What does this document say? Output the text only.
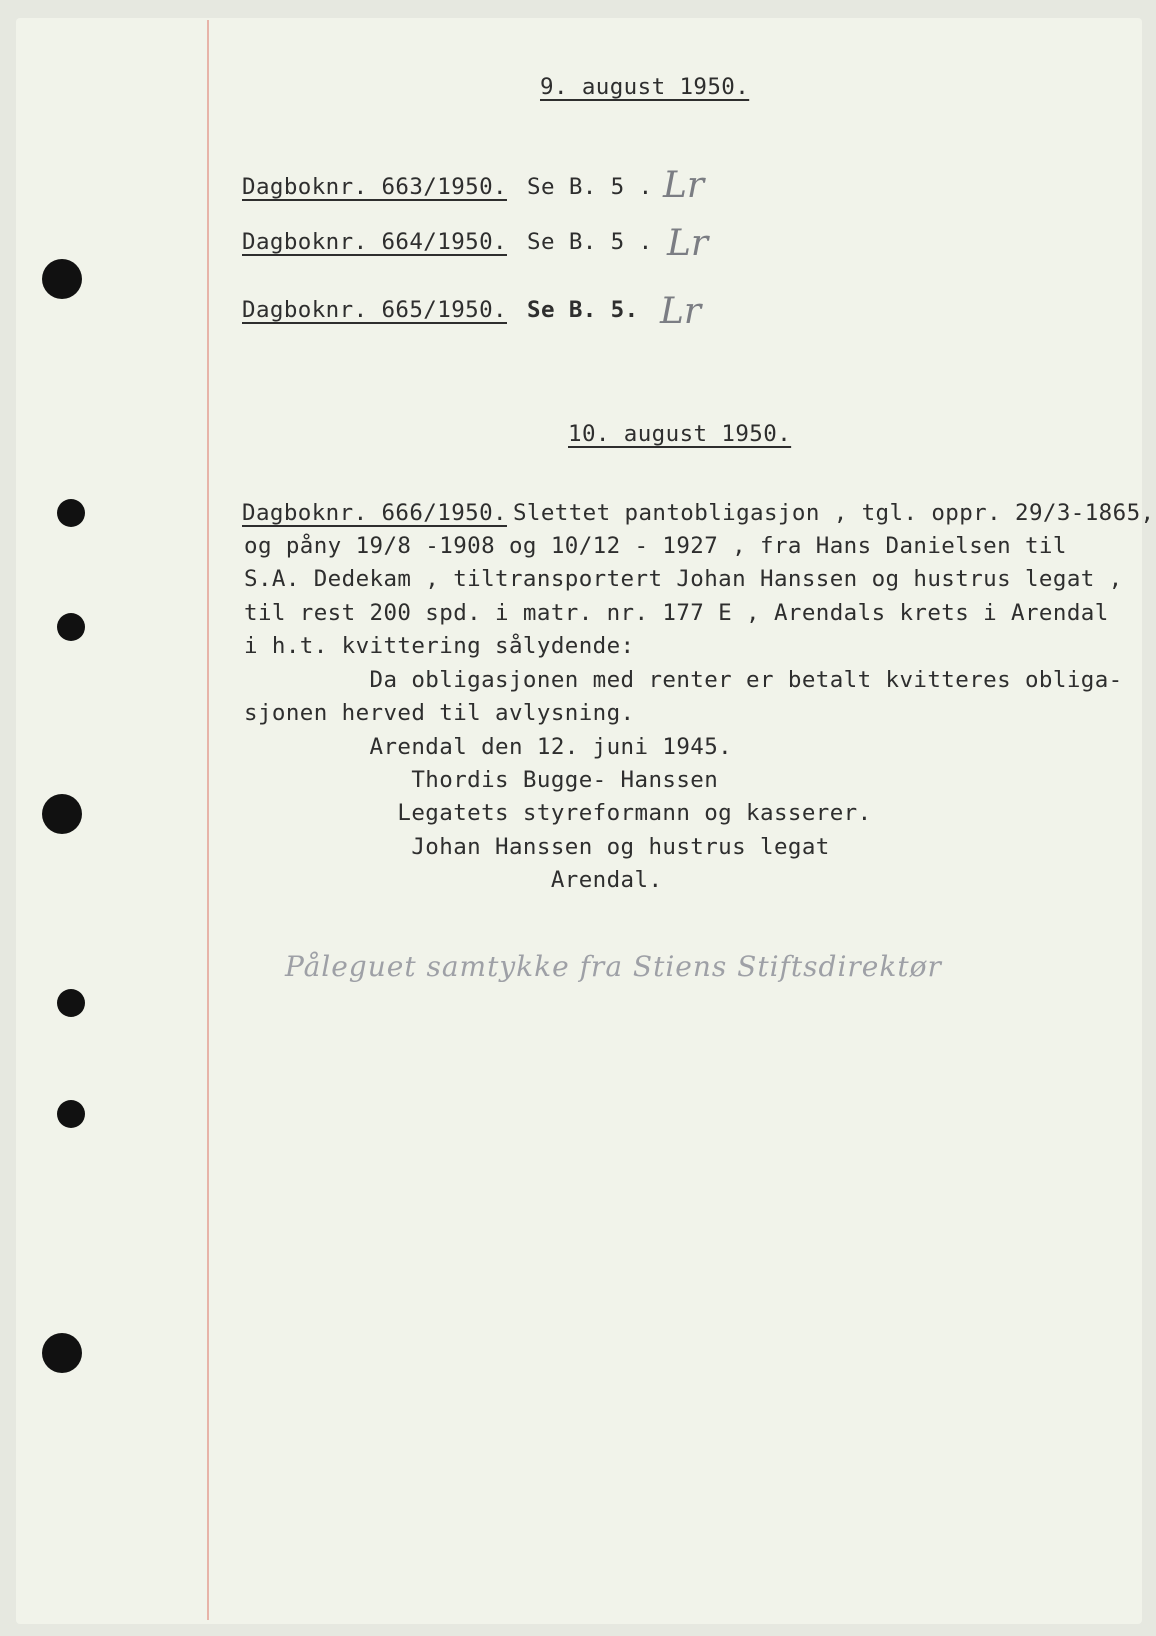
9. august 1950.
Dagboknr. 663/1950. Se B. 5 . Lr
Dagboknr. 664/1950. Se B. 5 . Lr
Dagboknr. 665/1950. Se B. 5. Lr
10. august 1950.
Dagboknr. 666/1950.
Slettet pantobligasjon , tgl. oppr. 29/3-1865,
og påny 19/8 -1908 og 10/12 - 1927 , fra Hans Danielsen til
S.A. Dedekam , tiltransportert Johan Hanssen og hustrus legat ,
til rest 200 spd. i matr. nr. 177 E , Arendals krets i Arendal
i h.t. kvittering sålydende:
Da obligasjonen med renter er betalt kvitteres obliga-
sjonen herved til avlysning.
Arendal den 12. juni 1945.
Thordis Bugge- Hanssen
Legatets styreformann og kasserer.
Johan Hanssen og hustrus legat
Arendal.
Påleguet samtykke fra Stiens Stiftsdirektør
